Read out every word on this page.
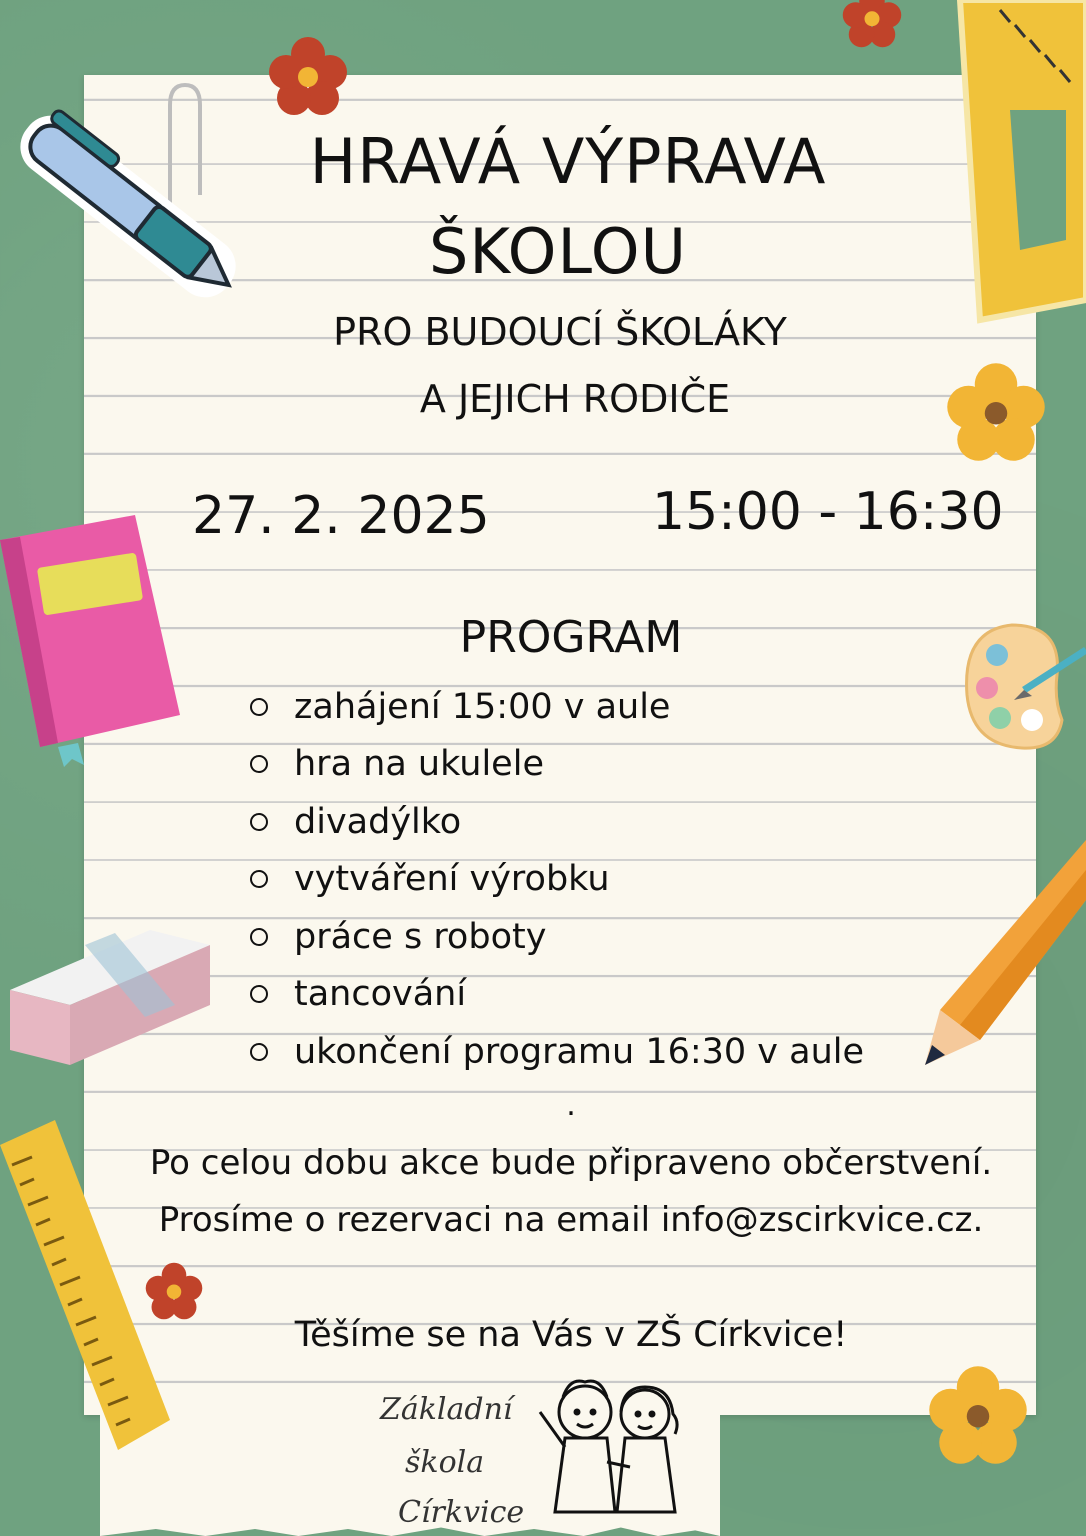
HRAVÁ VÝPRAVA
ŠKOLOU
PRO BUDOUCÍ ŠKOLÁKY
A JEJICH RODIČE
27. 2. 2025	15:00 - 16:30
PROGRAM
zahájení 15:00 v aule
hra na ukulele
divadýlko
vytváření výrobku
práce s roboty
tancování
ukončení programu 16:30 v aule
.
Po celou dobu akce bude připraveno občerstvení.
Prosíme o rezervaci na email info@zscirkvice.cz.
Těšíme se na Vás v ZŠ Církvice!
Základní
škola
Církvice
